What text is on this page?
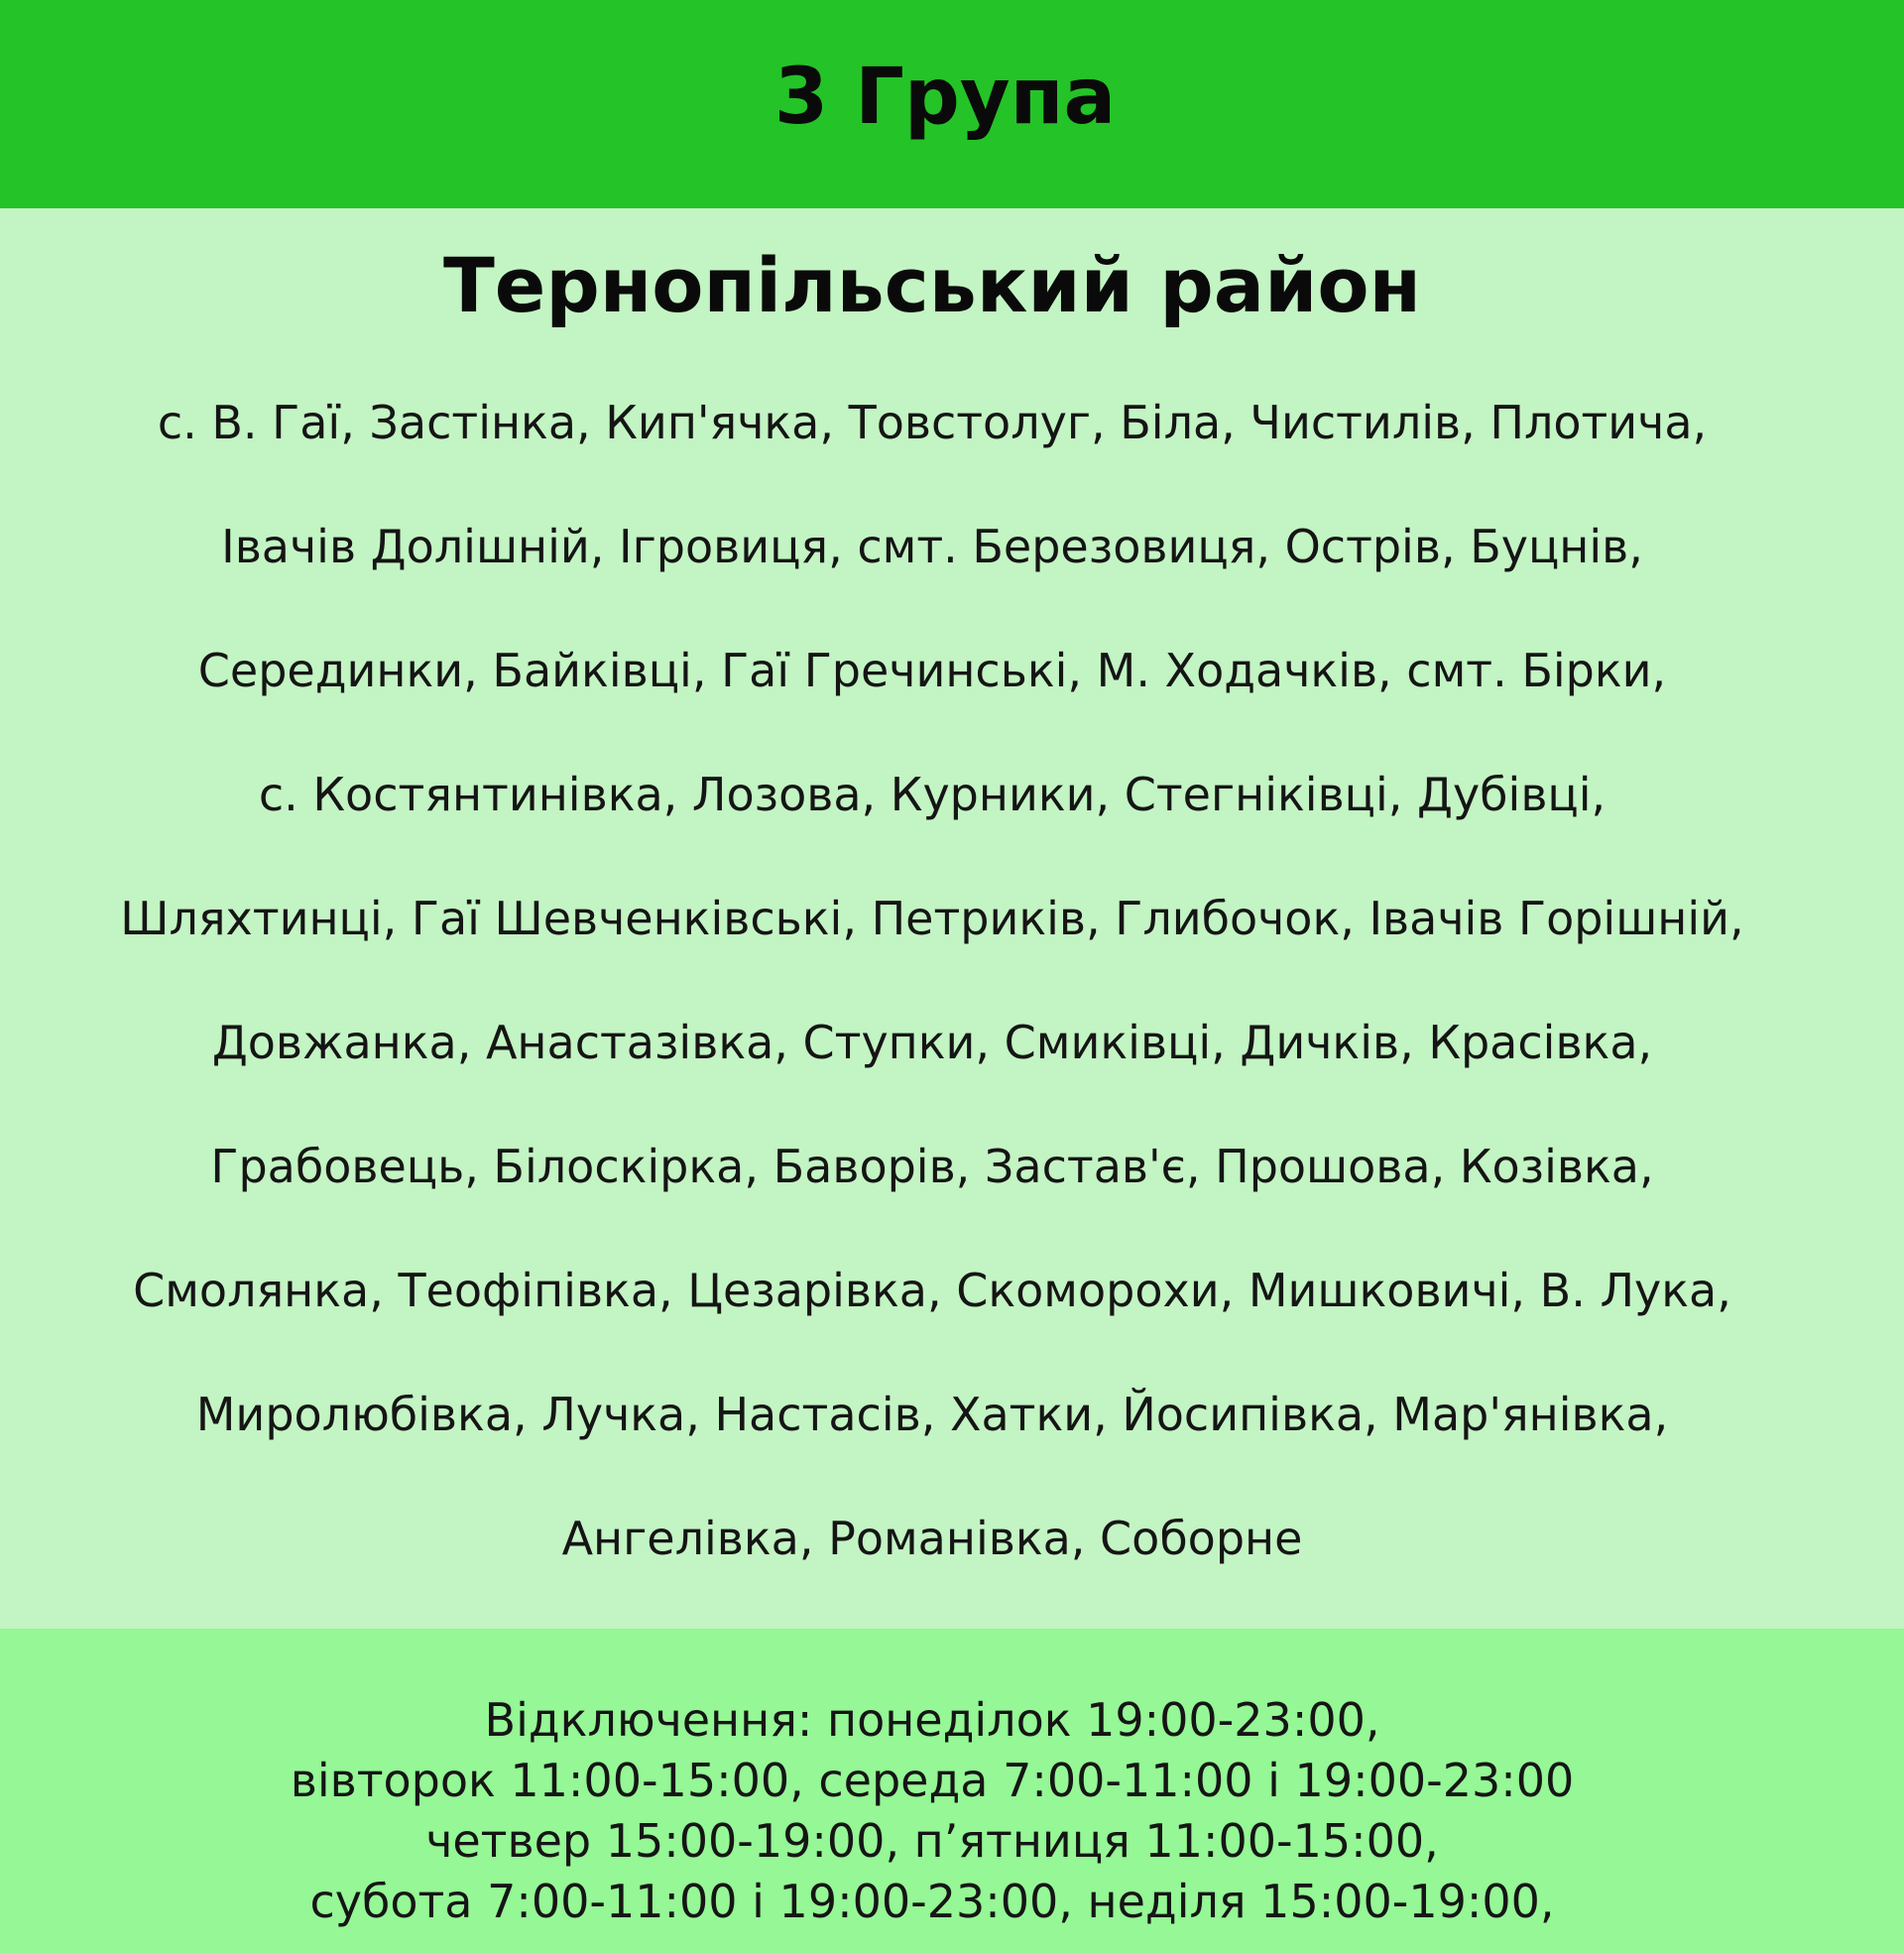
3 Група
Тернопільський район
с. В. Гаї, Застінка, Кип'ячка, Товстолуг, Біла, Чистилів, Плотича,
Івачів Долішній, Ігровиця, смт. Березовиця, Острів, Буцнів,
Серединки, Байківці, Гаї Гречинські, М. Ходачків, смт. Бірки,
с. Костянтинівка, Лозова, Курники, Стегніківці, Дубівці,
Шляхтинці, Гаї Шевченківські, Петриків, Глибочок, Івачів Горішній,
Довжанка, Анастазівка, Ступки, Смиківці, Дичків, Красівка,
Грабовець, Білоскірка, Баворів, Застав'є, Прошова, Козівка,
Смолянка, Теофіпівка, Цезарівка, Скоморохи, Мишковичі, В. Лука,
Миролюбівка, Лучка, Настасів, Хатки, Йосипівка, Мар'янівка,
Ангелівка, Романівка, Соборне
Відключення: понеділок 19:00-23:00,
вівторок 11:00-15:00, середа 7:00-11:00 і 19:00-23:00
четвер 15:00-19:00, п’ятниця 11:00-15:00,
субота 7:00-11:00 і 19:00-23:00, неділя 15:00-19:00,
